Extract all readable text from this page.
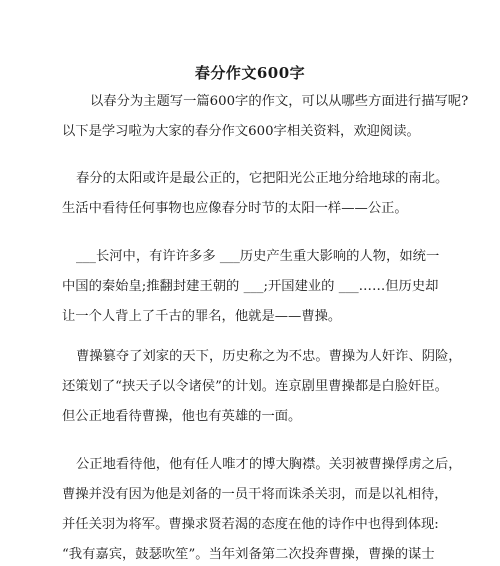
春分作文600字
以春分为主题写一篇600字的作文，可以从哪些方面进行描写呢?
以下是学习啦为大家的春分作文600字相关资料，欢迎阅读。
春分的太阳或许是最公正的，它把阳光公正地分给地球的南北。
生活中看待任何事物也应像春分时节的太阳一样——公正。
___长河中，有许许多多 ___历史产生重大影响的人物，如统一
中国的秦始皇;推翻封建王朝的 ___;开国建业的 ___……但历史却
让一个人背上了千古的罪名，他就是——曹操。
曹操篡夺了刘家的天下，历史称之为不忠。曹操为人奸诈、阴险，
还策划了“挟天子以令诸侯”的计划。连京剧里曹操都是白脸奸臣。
但公正地看待曹操，他也有英雄的一面。
公正地看待他，他有任人唯才的博大胸襟。关羽被曹操俘虏之后，
曹操并没有因为他是刘备的一员干将而诛杀关羽，而是以礼相待，
并任关羽为将军。曹操求贤若渴的态度在他的诗作中也得到体现:
“我有嘉宾，鼓瑟吹笙”。当年刘备第二次投奔曹操，曹操的谋士
